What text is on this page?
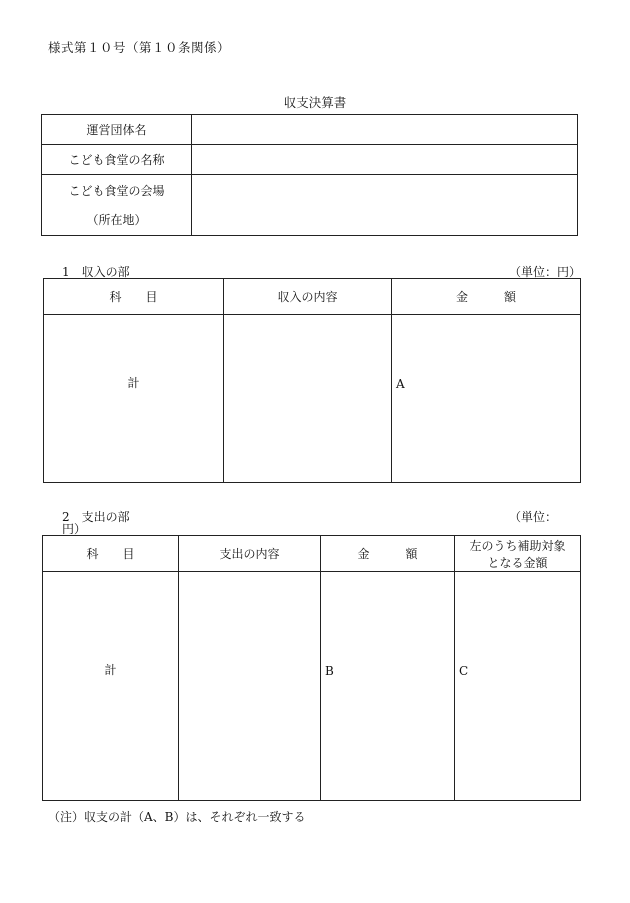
様式第１０号（第１０条関係）
収支決算書
運営団体名	
こども食堂の名称	

こども食堂の会場
（所在地）	

1　収入の部	（単位：円）
科　　目	収入の内容	金　　　額

計		A
2　支出の部	（単位：
円）
科　　目	支出の内容	金　　　額	左のうち補助対象
となる金額

計		B	C
（注）収支の計（A、B）は、それぞれ一致する
